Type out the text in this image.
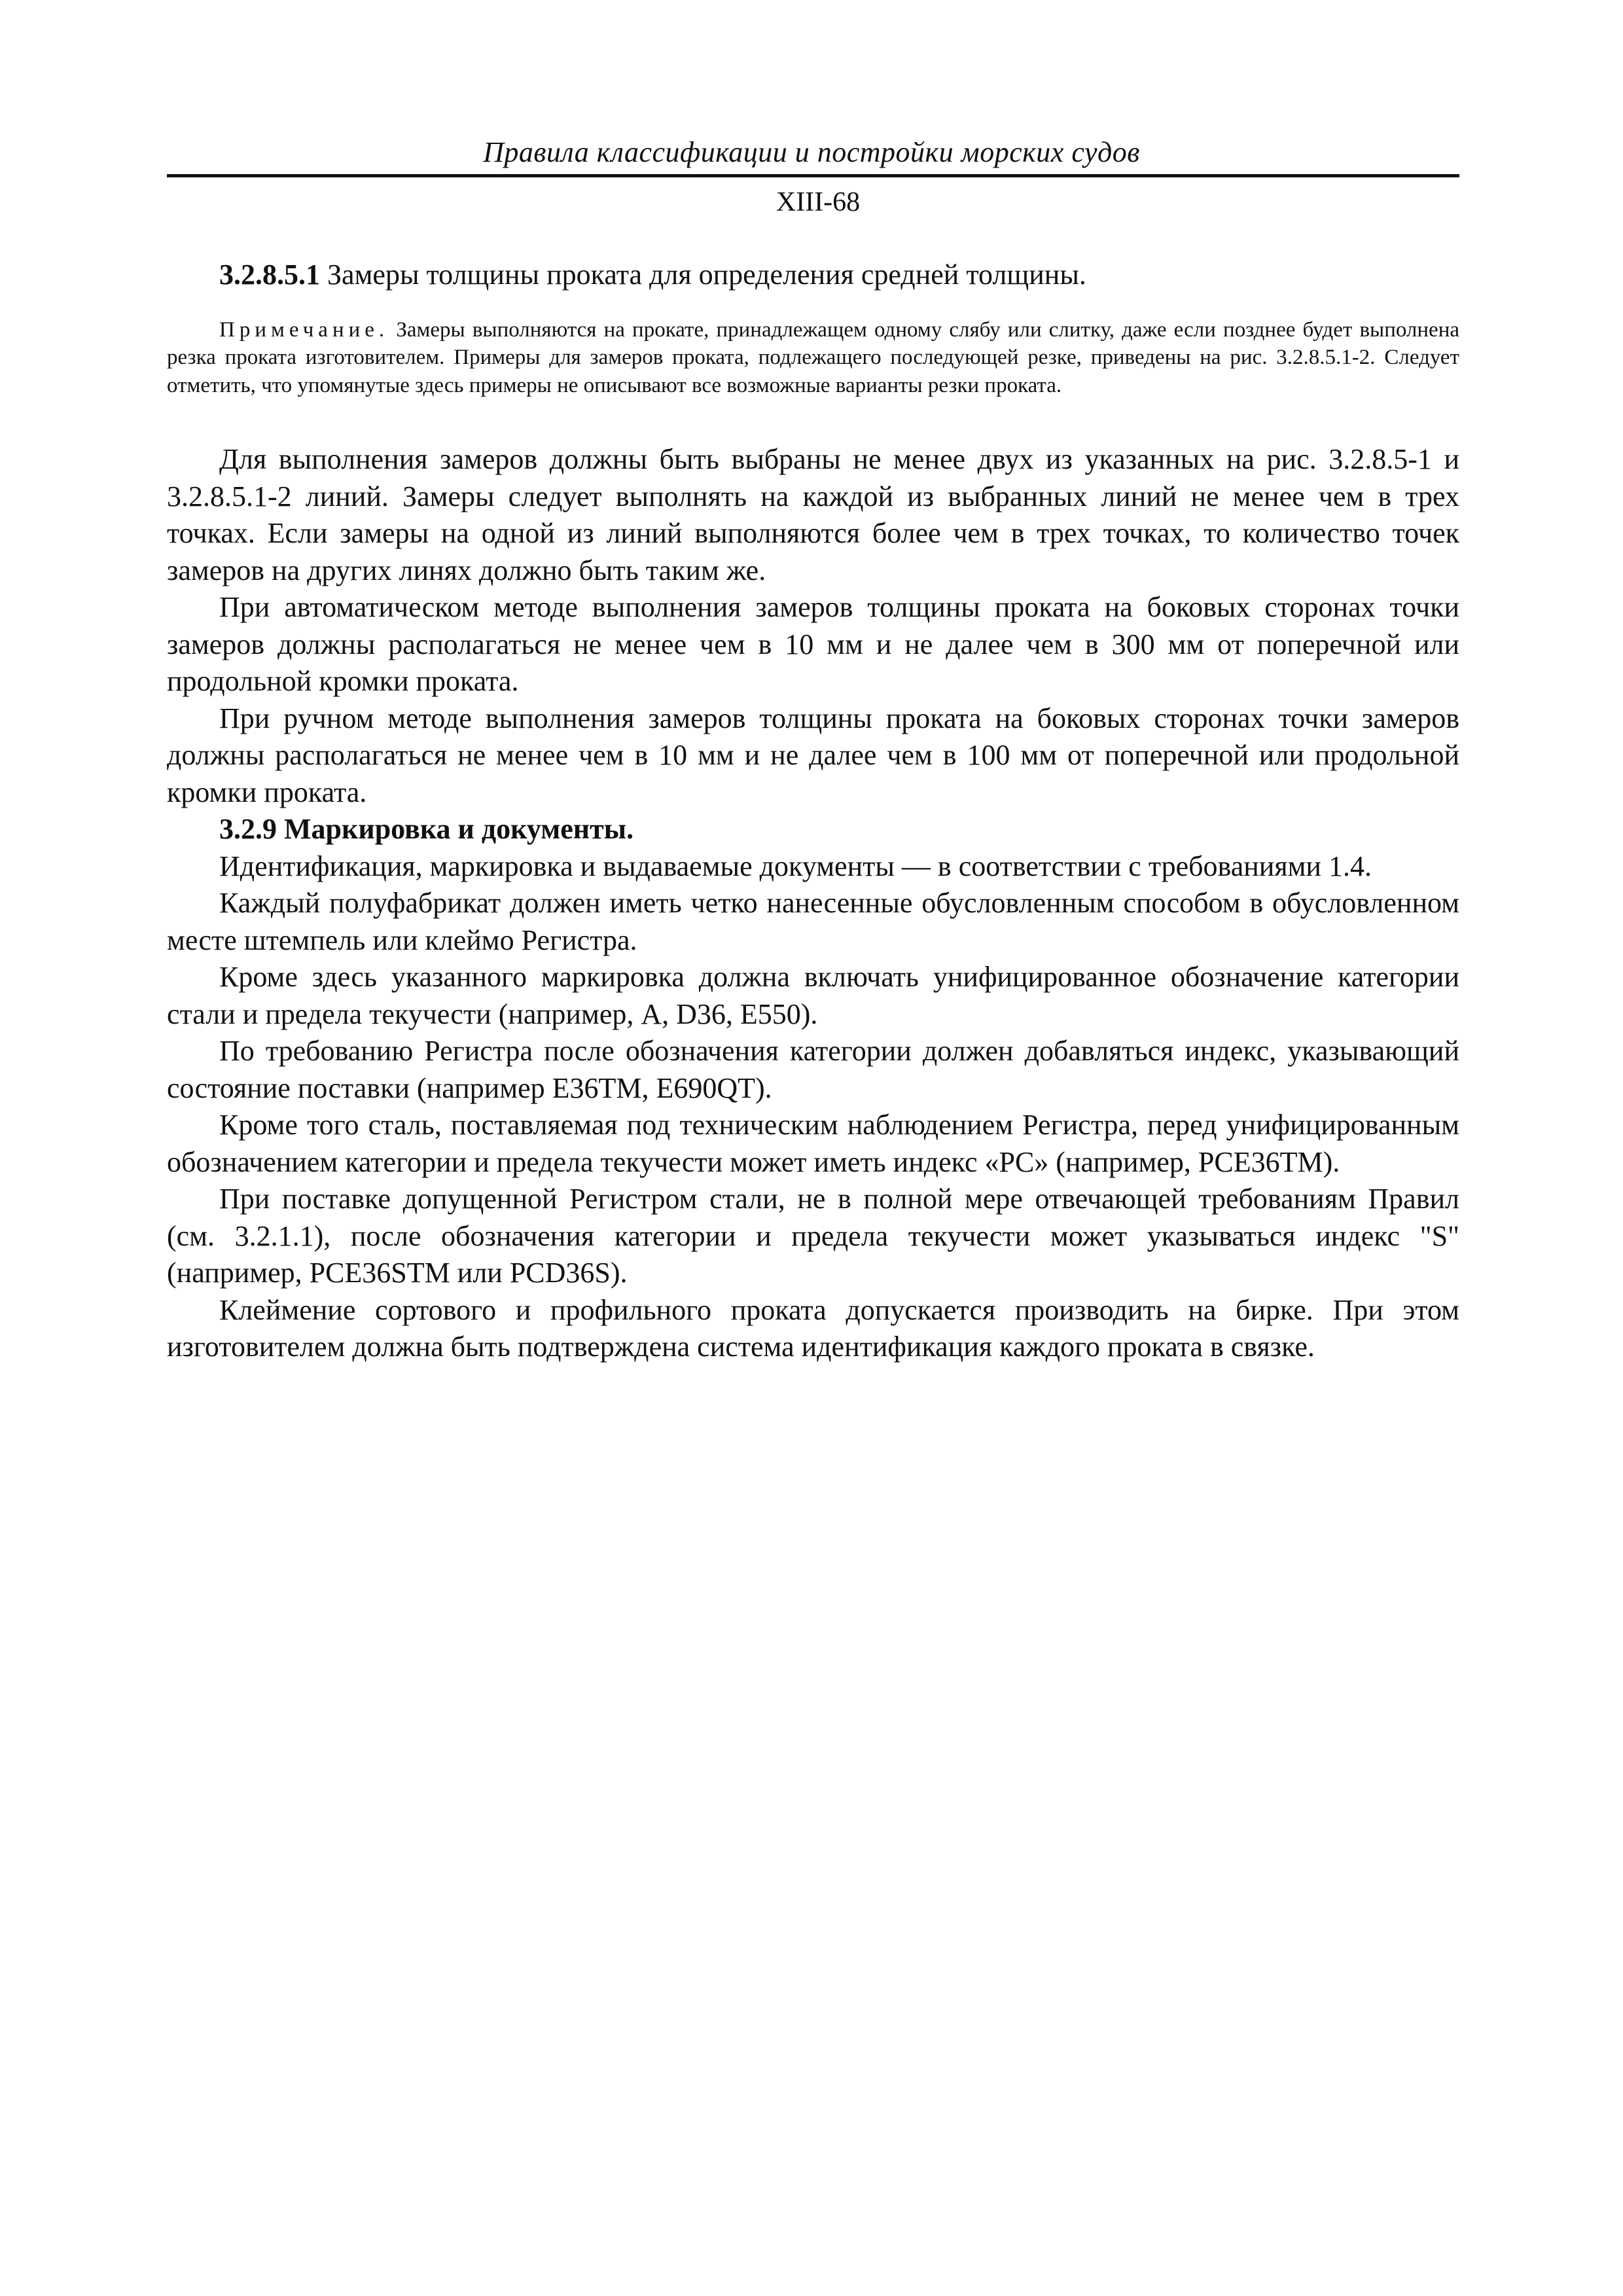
Правила классификации и постройки морских судов
XIII-68

3.2.8.5.1 Замеры толщины проката для определения средней толщины.

Примечание. Замеры выполняются на прокате, принадлежащем одному слябу или слитку, даже если позднее будет выполнена резка проката изготовителем. Примеры для замеров проката, подлежащего последующей резке, приведены на рис. 3.2.8.5.1-2. Следует отметить, что упомянутые здесь примеры не описывают все возможные варианты резки проката.

Для выполнения замеров должны быть выбраны не менее двух из указанных на рис. 3.2.8.5-1 и 3.2.8.5.1-2 линий. Замеры следует выполнять на каждой из выбранных линий не менее чем в трех точках. Если замеры на одной из линий выполняются более чем в трех точках, то количество точек замеров на других линях должно быть таким же.

При автоматическом методе выполнения замеров толщины проката на боковых сторонах точки замеров должны располагаться не менее чем в 10 мм и не далее чем в 300 мм от поперечной или продольной кромки проката.

При ручном методе выполнения замеров толщины проката на боковых сторонах точки замеров должны располагаться не менее чем в 10 мм и не далее чем в 100 мм от поперечной или продольной кромки проката.

3.2.9 Маркировка и документы.

Идентификация, маркировка и выдаваемые документы — в соответствии с требованиями 1.4.

Каждый полуфабрикат должен иметь четко нанесенные обусловленным способом в обусловленном месте штемпель или клеймо Регистра.

Кроме здесь указанного маркировка должна включать унифицированное обозначение категории стали и предела текучести (например, A, D36, E550).

По требованию Регистра после обозначения категории должен добавляться индекс, указывающий состояние поставки (например E36TM, E690QT).

Кроме того сталь, поставляемая под техническим наблюдением Регистра, перед унифицированным обозначением категории и предела текучести может иметь индекс «PC» (например, PCE36TM).

При поставке допущенной Регистром стали, не в полной мере отвечающей требованиям Правил (см. 3.2.1.1), после обозначения категории и предела текучести может указываться индекс "S" (например, PCE36STM или PCD36S).

Клеймение сортового и профильного проката допускается производить на бирке. При этом изготовителем должна быть подтверждена система идентификация каждого проката в связке.
